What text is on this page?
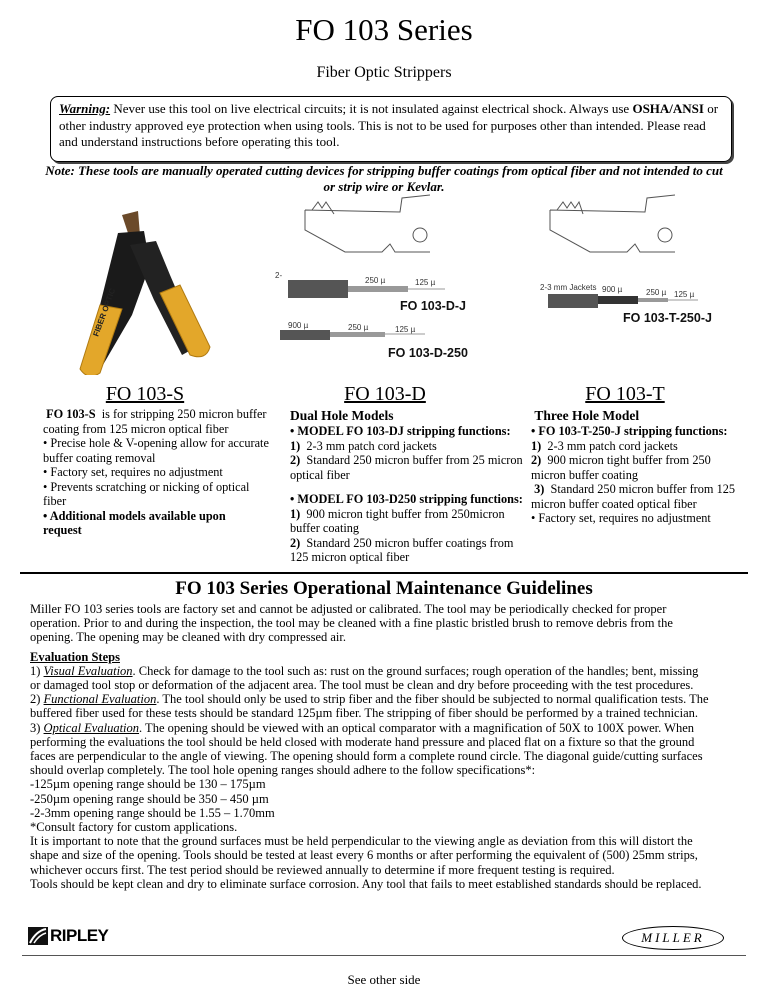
FO 103 Series
Fiber Optic Strippers
Warning: Never use this tool on live electrical circuits; it is not insulated against electrical shock. Always use OSHA/ANSI or other industry approved eye protection when using tools. This is not to be used for purposes other than intended. Please read and understand instructions before operating this tool.
Note: These tools are manually operated cutting devices for stripping buffer coatings from optical fiber and not intended to cut or strip wire or Kevlar.
FIBER OPTIC
2-
250 µ	125 µ
FO 103-D-J
900 µ	250 µ	125 µ
FO 103-D-250
2-3 mm Jackets 900 µ	250 µ 125 µ
FO 103-T-250-J
FO 103-S	FO 103-D	FO 103-T
FO 103-S is for stripping 250 micron buffer
coating from 125 micron optical fiber
• Precise hole & V-opening allow for accurate
buffer coating removal
• Factory set, requires no adjustment
• Prevents scratching or nicking of optical
fiber
• Additional models available upon
request
Dual Hole Models
• MODEL FO 103-DJ stripping functions:
1) 2-3 mm patch cord jackets
2) Standard 250 micron buffer from 25 micron
optical fiber
• MODEL FO 103-D250 stripping functions:
1) 900 micron tight buffer from 250micron
buffer coating
2) Standard 250 micron buffer coatings from
125 micron optical fiber
Three Hole Model
• FO 103-T-250-J stripping functions:
1) 2-3 mm patch cord jackets
2) 900 micron tight buffer from 250
micron buffer coating
3) Standard 250 micron buffer from 125
micron buffer coated optical fiber
• Factory set, requires no adjustment
FO 103 Series Operational Maintenance Guidelines
Miller FO 103 series tools are factory set and cannot be adjusted or calibrated. The tool may be periodically checked for proper
operation. Prior to and during the inspection, the tool may be cleaned with a fine plastic bristled brush to remove debris from the
opening. The opening may be cleaned with dry compressed air.
Evaluation Steps
1) Visual Evaluation. Check for damage to the tool such as: rust on the ground surfaces; rough operation of the handles; bent, missing
or damaged tool stop or deformation of the adjacent area. The tool must be clean and dry before proceeding with the test procedures.
2) Functional Evaluation. The tool should only be used to strip fiber and the fiber should be subjected to normal qualification tests. The
buffered fiber used for these tests should be standard 125µm fiber. The stripping of fiber should be performed by a trained technician.
3) Optical Evaluation. The opening should be viewed with an optical comparator with a magnification of 50X to 100X power. When
performing the evaluations the tool should be held closed with moderate hand pressure and placed flat on a fixture so that the ground
faces are perpendicular to the angle of viewing. The opening should form a complete round circle. The diagonal guide/cutting surfaces
should overlap completely. The tool hole opening ranges should adhere to the follow specifications*:
-125µm opening range should be 130 – 175µm
-250µm opening range should be 350 – 450 µm
-2-3mm opening range should be 1.55 – 1.70mm
*Consult factory for custom applications.
It is important to note that the ground surfaces must be held perpendicular to the viewing angle as deviation from this will distort the
shape and size of the opening. Tools should be tested at least every 6 months or after performing the equivalent of (500) 25mm strips,
whichever occurs first. The test period should be reviewed annually to determine if more frequent testing is required.
Tools should be kept clean and dry to eliminate surface corrosion. Any tool that fails to meet established standards should be replaced.
RIPLEY	MILLER
See other side
